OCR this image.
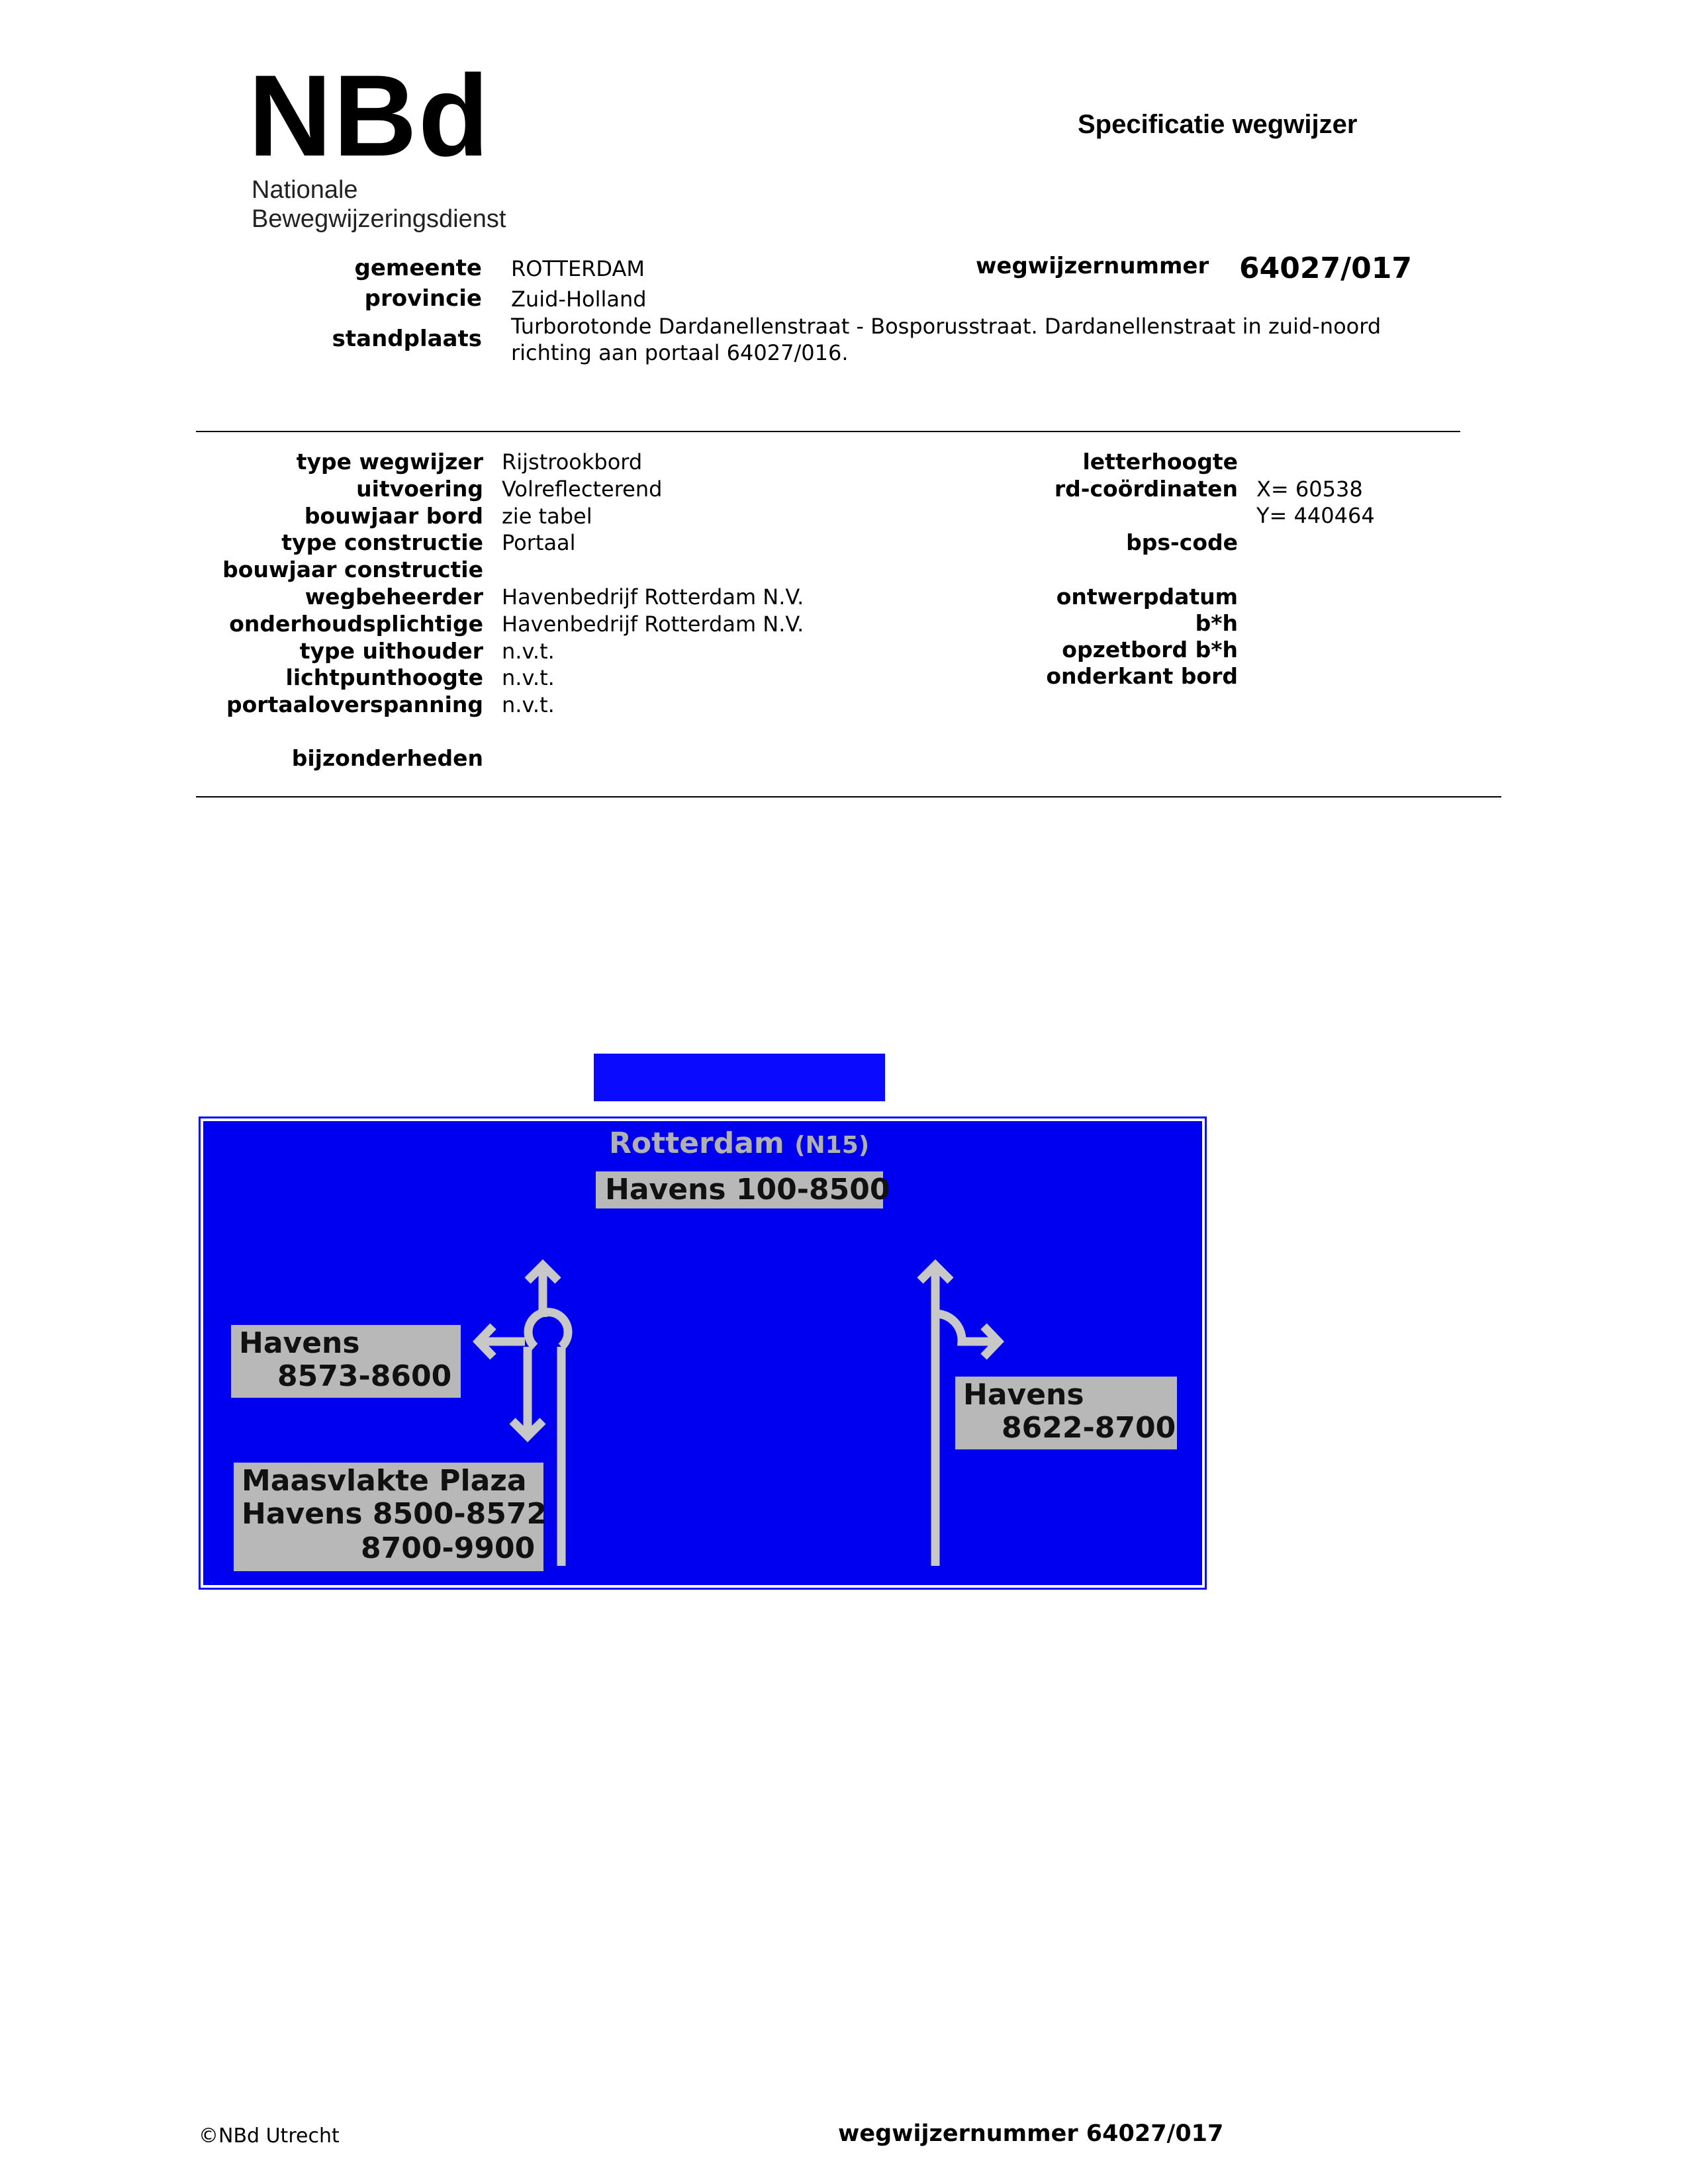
NBd
Nationale
Bewegwijzeringsdienst
Specificatie wegwijzer
gemeente ROTTERDAM
provincie Zuid-Holland
standplaats Turborotonde Dardanellenstraat - Bosporusstraat. Dardanellenstraat in zuid-noord
richting aan portaal 64027/016.
wegwijzernummer 64027/017
type wegwijzer Rijstrookbord
uitvoering Volreflecterend
bouwjaar bord zie tabel
type constructie Portaal
bouwjaar constructie
wegbeheerder Havenbedrijf Rotterdam N.V.
onderhoudsplichtige Havenbedrijf Rotterdam N.V.
type uithouder n.v.t.
lichtpunthoogte n.v.t.
portaaloverspanning n.v.t.
bijzonderheden
letterhoogte
rd-coördinaten X= 60538
Y= 440464
bps-code
ontwerpdatum
b*h
opzetbord b*h
onderkant bord
.
Rotterdam (N15)
Havens 100-8500
Havens
8573-8600
Maasvlakte Plaza
Havens 8500-8572
8700-9900
Havens
8622-8700
©NBd Utrecht	wegwijzernummer 64027/017
